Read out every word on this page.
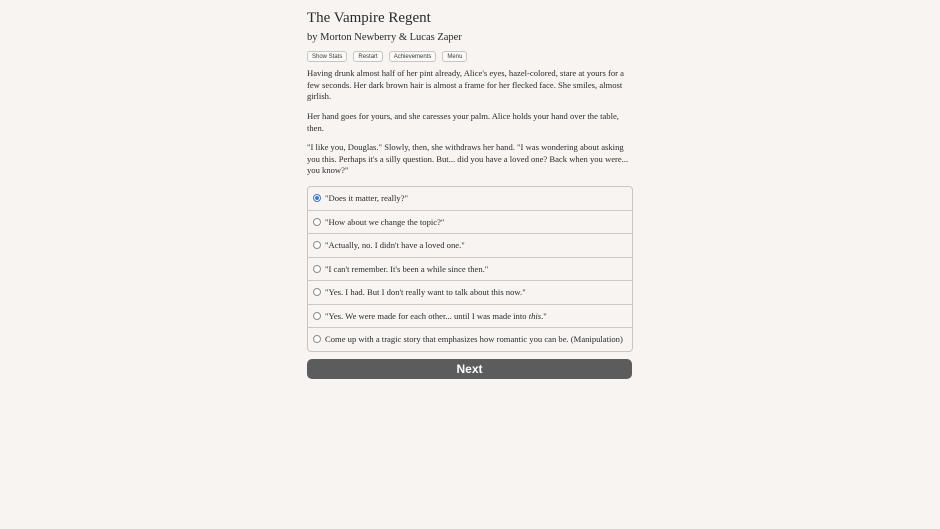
The Vampire Regent
by Morton Newberry & Lucas Zaper
Show Stats	Restart	Achievements	Menu

Having drunk almost half of her pint already, Alice's eyes, hazel-colored, stare at yours for a few seconds. Her dark brown hair is almost a frame for her flecked face. She smiles, almost girlish.

Her hand goes for yours, and she caresses your palm. Alice holds your hand over the table, then.

"I like you, Douglas." Slowly, then, she withdraws her hand. "I was wondering about asking you this. Perhaps it's a silly question. But... did you have a loved one? Back when you were... you know?"

"Does it matter, really?"
"How about we change the topic?"
"Actually, no. I didn't have a loved one."
"I can't remember. It's been a while since then."
"Yes. I had. But I don't really want to talk about this now."
"Yes. We were made for each other... until I was made into this."
Come up with a tragic story that emphasizes how romantic you can be. (Manipulation)
Next
